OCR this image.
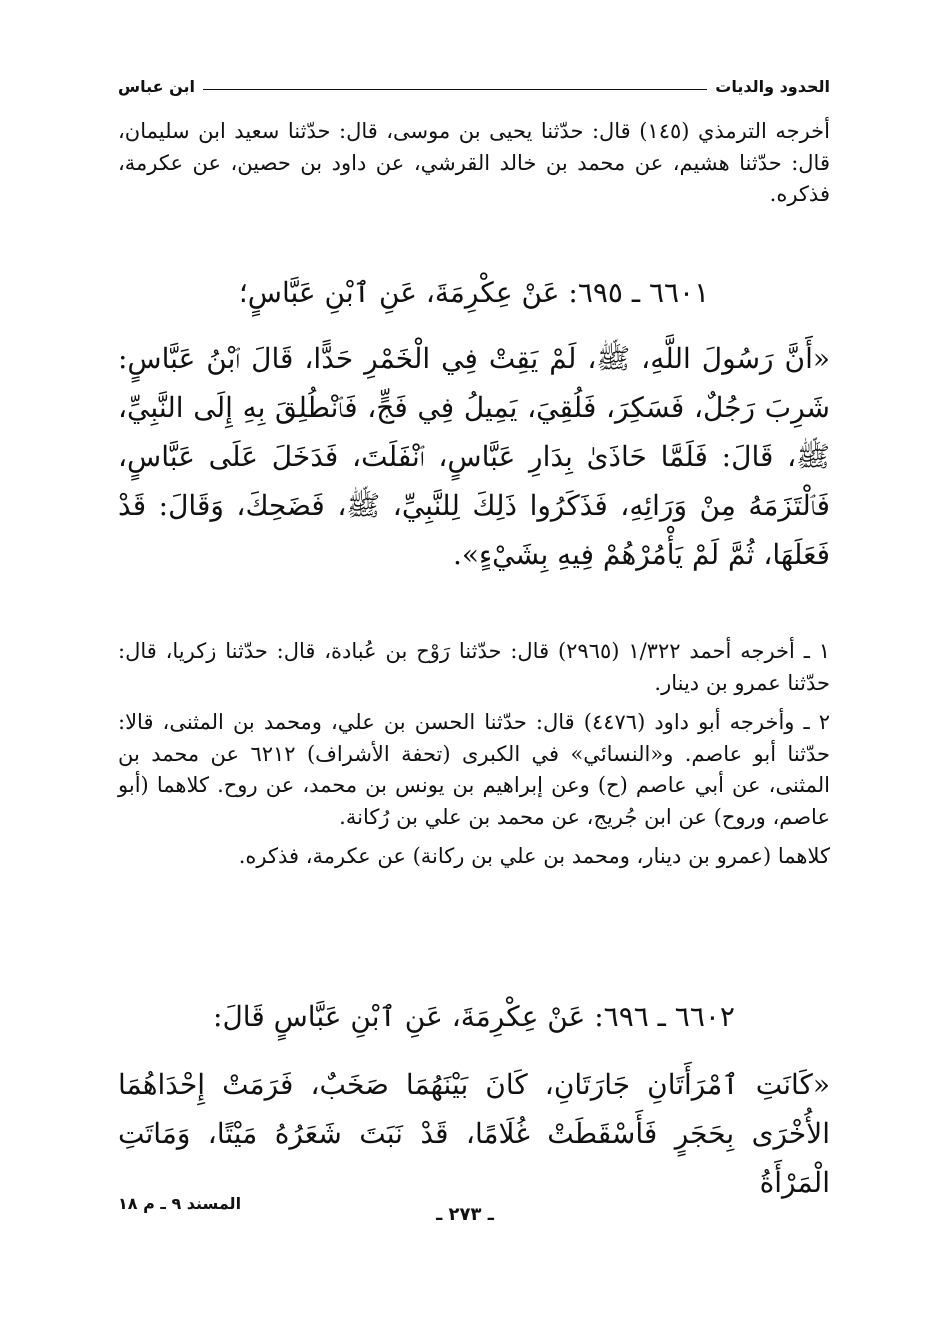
الحدود والديات
ابن عباس

أخرجه الترمذي (١٤٥) قال: حدّثنا يحيى بن موسى، قال: حدّثنا سعيد ابن سليمان، قال: حدّثنا هشيم، عن محمد بن خالد القرشي، عن داود بن حصين، عن عكرمة، فذكره.

٦٦٠١ ـ ٦٩٥: عَنْ عِكْرِمَةَ، عَنِ ٱبْنِ عَبَّاسٍ؛

«أَنَّ رَسُولَ اللَّهِ، ﷺ، لَمْ يَقِتْ فِي الْخَمْرِ حَدًّا، قَالَ ٱبْنُ عَبَّاسٍ: شَرِبَ رَجُلٌ، فَسَكِرَ، فَلُقِيَ، يَمِيلُ فِي فَجٍّ، فَٱنْطُلِقَ بِهِ إِلَى النَّبِيِّ، ﷺ، قَالَ: فَلَمَّا حَاذَىٰ بِدَارِ عَبَّاسٍ، ٱنْفَلَتَ، فَدَخَلَ عَلَى عَبَّاسٍ، فَٱلْتَزَمَهُ مِنْ وَرَائِهِ، فَذَكَرُوا ذَلِكَ لِلنَّبِيِّ، ﷺ، فَضَحِكَ، وَقَالَ: قَدْ فَعَلَهَا، ثُمَّ لَمْ يَأْمُرْهُمْ فِيهِ بِشَيْءٍ».

١ ـ أخرجه أحمد ١/٣٢٢ (٢٩٦٥) قال: حدّثنا رَوْح بن عُبادة، قال: حدّثنا زكريا، قال: حدّثنا عمرو بن دينار.

٢ ـ وأخرجه أبو داود (٤٤٧٦) قال: حدّثنا الحسن بن علي، ومحمد بن المثنى، قالا: حدّثنا أبو عاصم. و«النسائي» في الكبرى (تحفة الأشراف) ٦٢١٢ عن محمد بن المثنى، عن أبي عاصم (ح) وعن إبراهيم بن يونس بن محمد، عن روح. كلاهما (أبو عاصم، وروح) عن ابن جُريج، عن محمد بن علي بن رُكانة.

كلاهما (عمرو بن دينار، ومحمد بن علي بن ركانة) عن عكرمة، فذكره.

٦٦٠٢ ـ ٦٩٦: عَنْ عِكْرِمَةَ، عَنِ ٱبْنِ عَبَّاسٍ قَالَ:

«كَانَتِ ٱمْرَأَتَانِ جَارَتَانِ، كَانَ بَيْنَهُمَا صَخَبٌ، فَرَمَتْ إِحْدَاهُمَا الأُخْرَى بِحَجَرٍ فَأَسْقَطَتْ غُلَامًا، قَدْ نَبَتَ شَعَرُهُ مَيْتًا، وَمَاتَتِ الْمَرْأَةُ

ـ ٢٧٣ ـ
المسند ٩ ـ م ١٨
